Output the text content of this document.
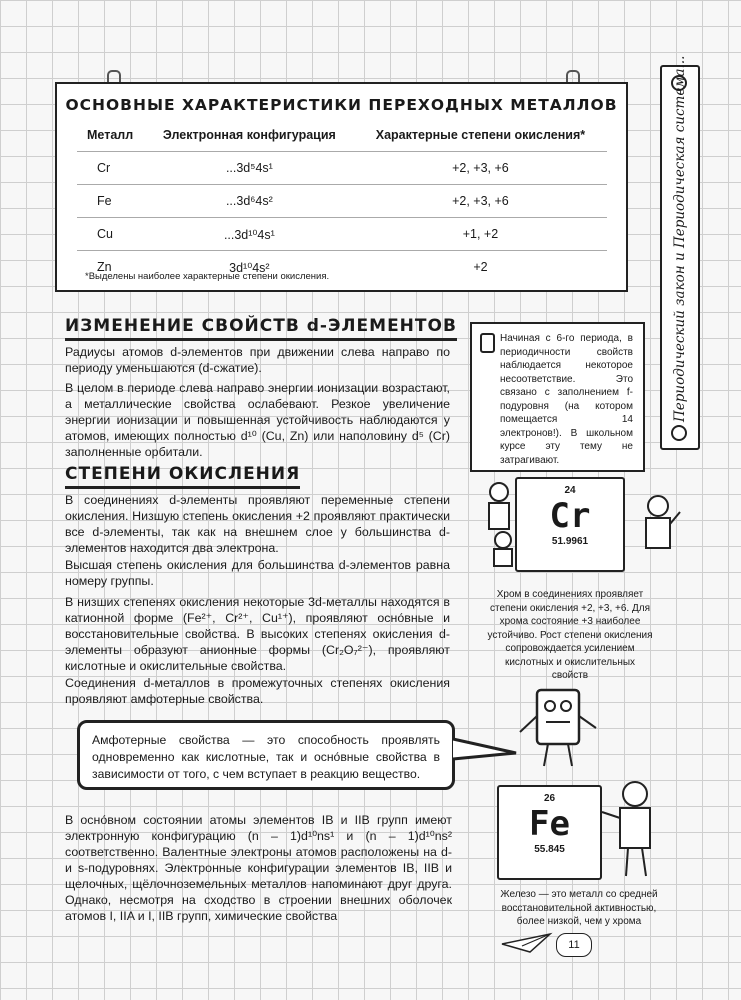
ОСНОВНЫЕ ХАРАКТЕРИСТИКИ ПЕРЕХОДНЫХ МЕТАЛЛОВ
Металл	Электронная конфигурация	Характерные степени окисления*
Cr	...3d⁵4s¹	+2, +3, +6
Fe	...3d⁶4s²	+2, +3, +6
Cu	...3d¹⁰4s¹	+1, +2
Zn	3d¹⁰4s²	+2
*Выделены наиболее характерные степени окисления.	Периодический закон и Периодическая система...
ИЗМЕНЕНИЕ СВОЙСТВ d-ЭЛЕМЕНТОВ
Радиусы атомов d-элементов при движении слева направо по периоду уменьшаются (d-сжатие).
В целом в периоде слева направо энергии ионизации возрастают, а металлические свойства ослабевают. Резкое увеличение энергии ионизации и повышенная устойчивость наблюдаются у атомов, имеющих полностью d¹⁰ (Cu, Zn) или наполовину d⁵ (Cr) заполненные орбитали.
Начиная с 6-го периода, в периодичности свойств наблюдается некоторое несоответствие. Это связано с заполнением f-подуровня (на котором помещается 14 электронов!). В школьном курсе эту тему не затрагивают.
СТЕПЕНИ ОКИСЛЕНИЯ
В соединениях d-элементы проявляют переменные степени окисления. Низшую степень окисления +2 проявляют практически все d-элементы, так как на внешнем слое у большинства d-элементов находится два электрона.
Высшая степень окисления для большинства d-элементов равна номеру группы.
В низших степенях окисления некоторые 3d-металлы находятся в катионной форме (Fe²⁺, Cr²⁺, Cu¹⁺), проявляют осно́вные и восстановительные свойства. В высоких степенях окисления d-элементы образуют анионные формы (Cr₂O₇²⁻), проявляют кислотные и окислительные свойства.
Соединения d-металлов в промежуточных степенях окисления проявляют амфотерные свойства.
Амфотерные свойства — это способность проявлять одновременно как кислотные, так и осно́вные свойства в зависимости от того, с чем вступает в реакцию вещество.
В осно́вном состоянии атомы элементов IB и IIB групп имеют электронную конфигурацию (n – 1)d¹⁰ns¹ и (n – 1)d¹⁰ns² соответственно. Валентные электроны атомов расположены на d- и s-подуровнях. Электронные конфигурации элементов IB, IIB и щелочных, щёлочноземельных металлов напоминают друг друга. Однако, несмотря на сходство в строении внешних оболочек атомов I, IIA и I, IIB групп, химические свойства
24
Cr
51.9961
Хром в соединениях проявляет степени окисления +2, +3, +6. Для хрома состояние +3 наиболее устойчиво. Рост степени окисления сопровождается усилением кислотных и окислительных свойств
26
Fe
55.845
Железо — это металл со средней восстановительной активностью, более низкой, чем у хрома
11
